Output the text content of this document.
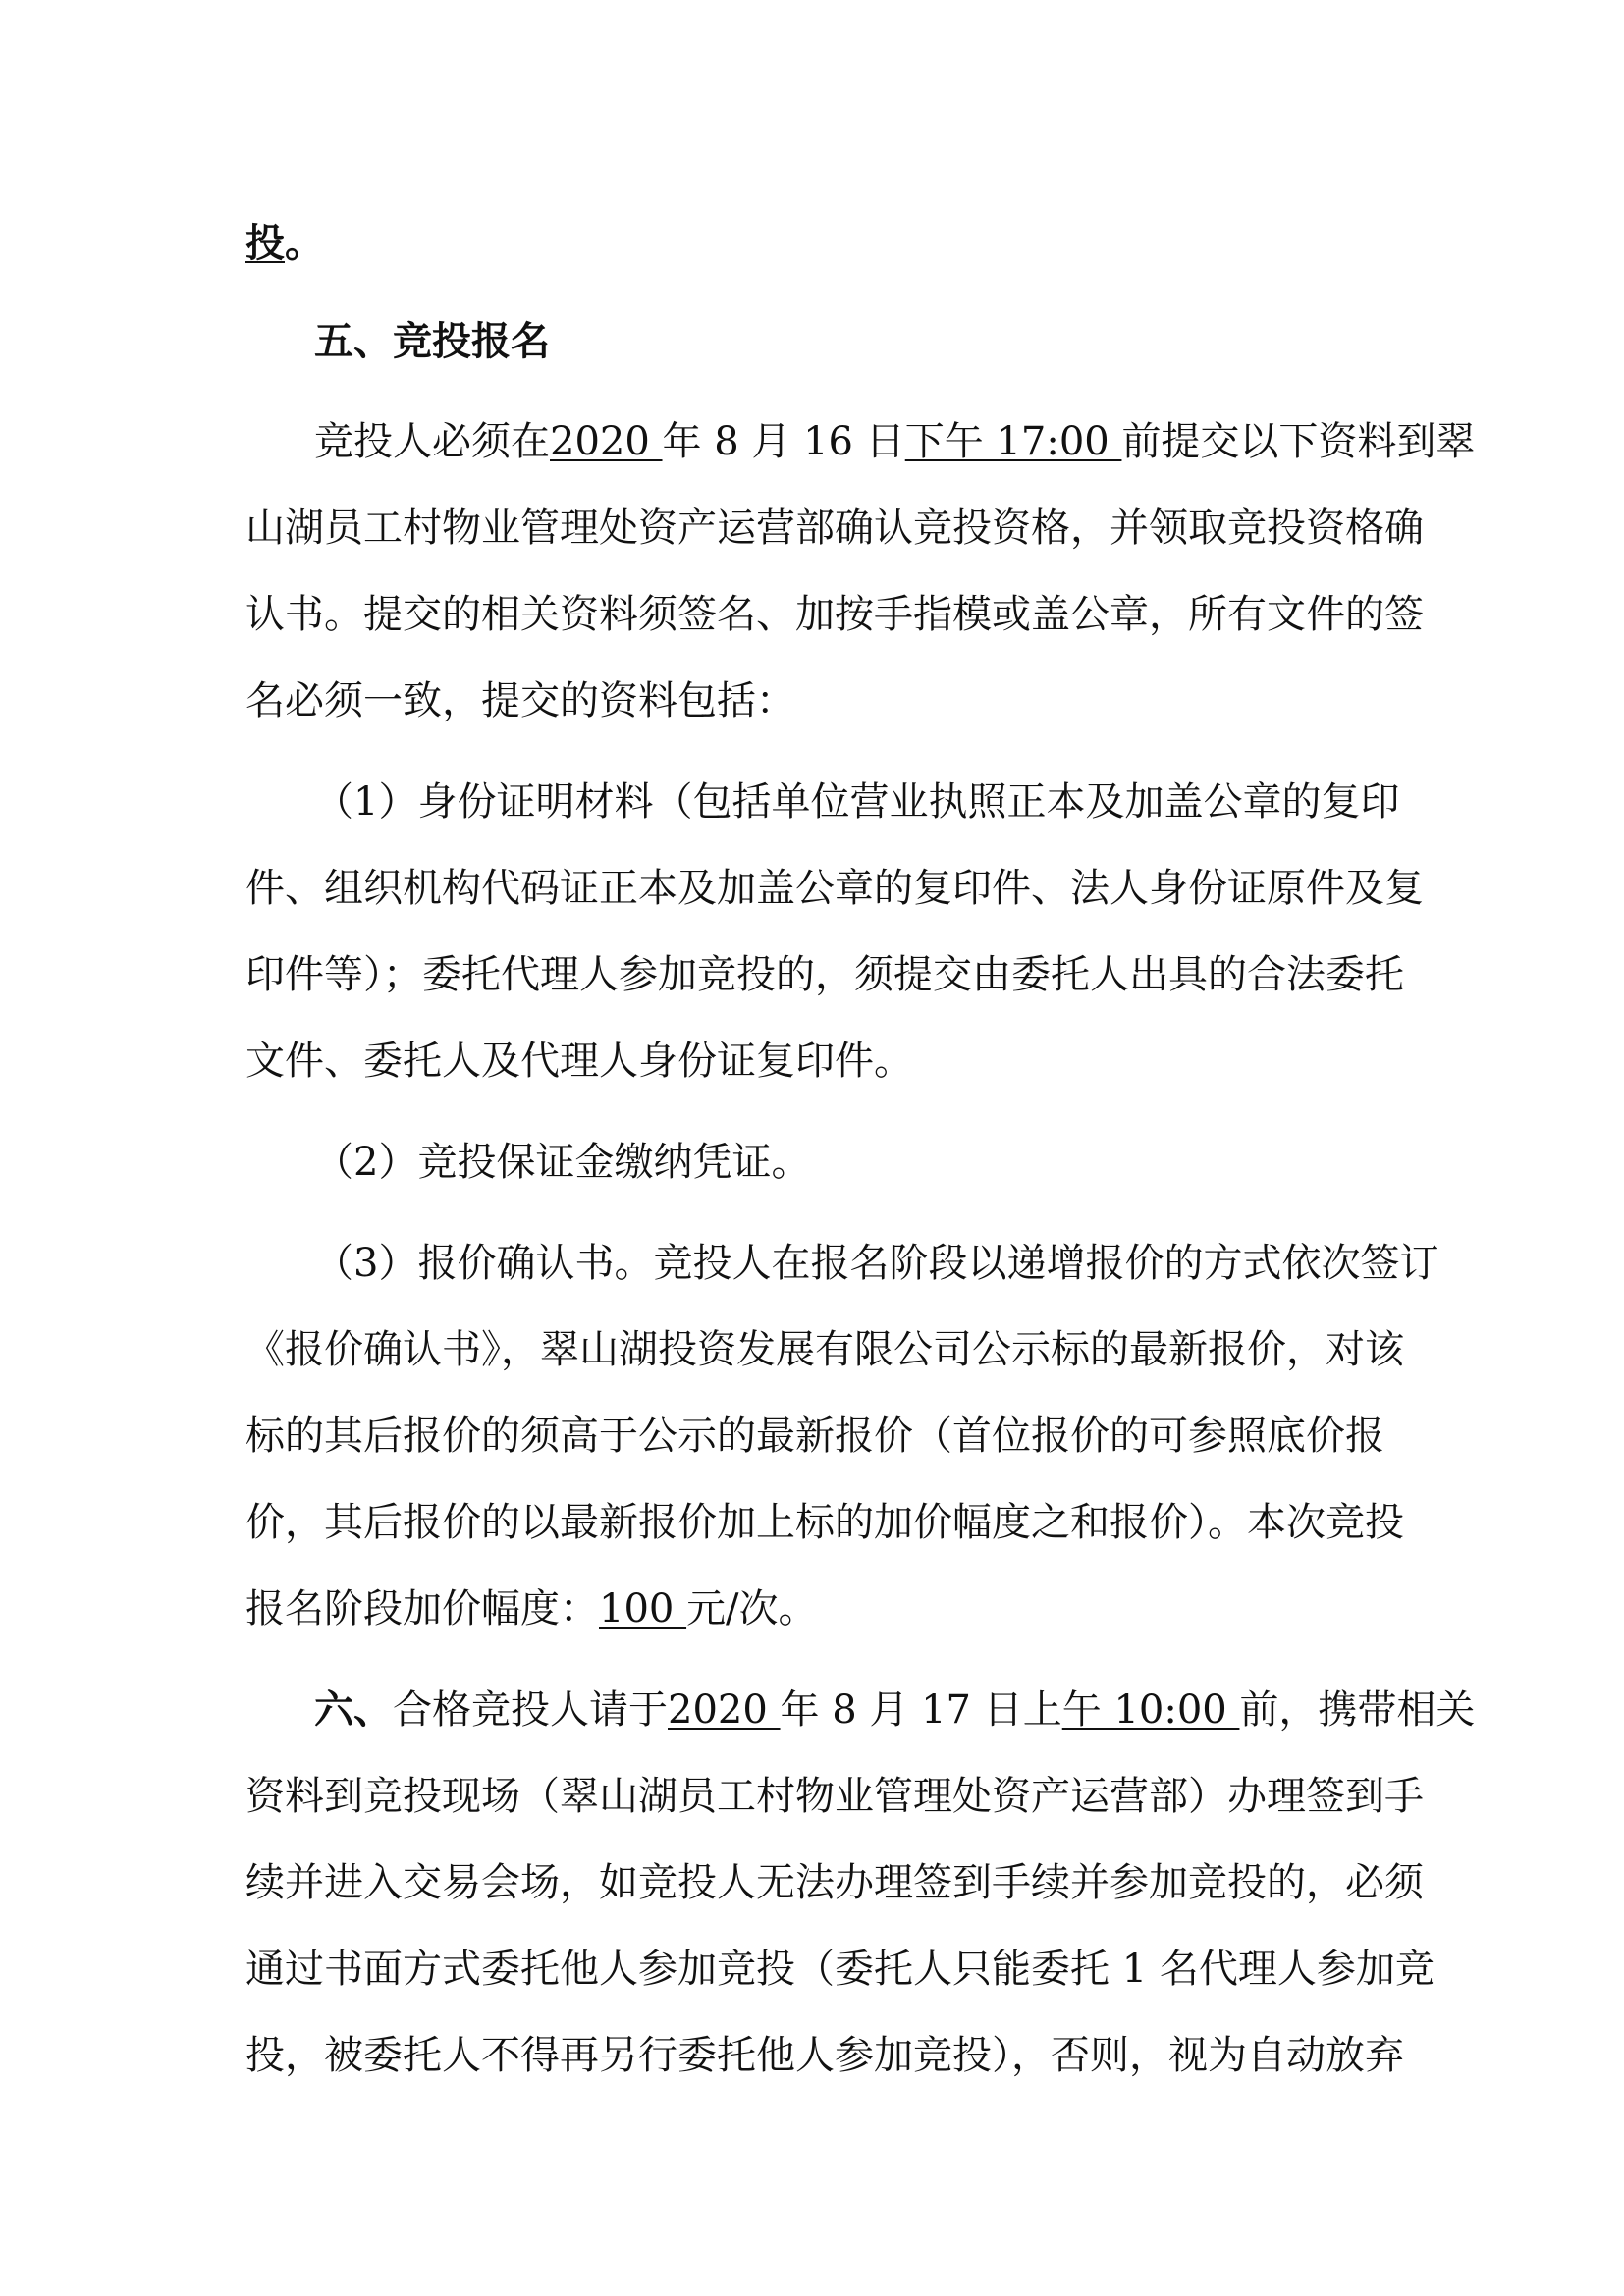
投。
五、竞投报名
竞投人必须在2020 年 8 月 16 日下午 17:00 前提交以下资料到翠
山湖员工村物业管理处资产运营部确认竞投资格，并领取竞投资格确
认书。提交的相关资料须签名、加按手指模或盖公章，所有文件的签
名必须一致，提交的资料包括：
（1）身份证明材料（包括单位营业执照正本及加盖公章的复印
件、组织机构代码证正本及加盖公章的复印件、法人身份证原件及复
印件等）；委托代理人参加竞投的，须提交由委托人出具的合法委托
文件、委托人及代理人身份证复印件。
（2）竞投保证金缴纳凭证。
（3）报价确认书。竞投人在报名阶段以递增报价的方式依次签订
《报价确认书》，翠山湖投资发展有限公司公示标的最新报价，对该
标的其后报价的须高于公示的最新报价（首位报价的可参照底价报
价，其后报价的以最新报价加上标的加价幅度之和报价）。本次竞投
报名阶段加价幅度：100 元/次。
六、合格竞投人请于2020 年 8 月 17 日上午 10:00 前，携带相关
资料到竞投现场（翠山湖员工村物业管理处资产运营部）办理签到手
续并进入交易会场，如竞投人无法办理签到手续并参加竞投的，必须
通过书面方式委托他人参加竞投（委托人只能委托 1 名代理人参加竞
投，被委托人不得再另行委托他人参加竞投），否则，视为自动放弃
